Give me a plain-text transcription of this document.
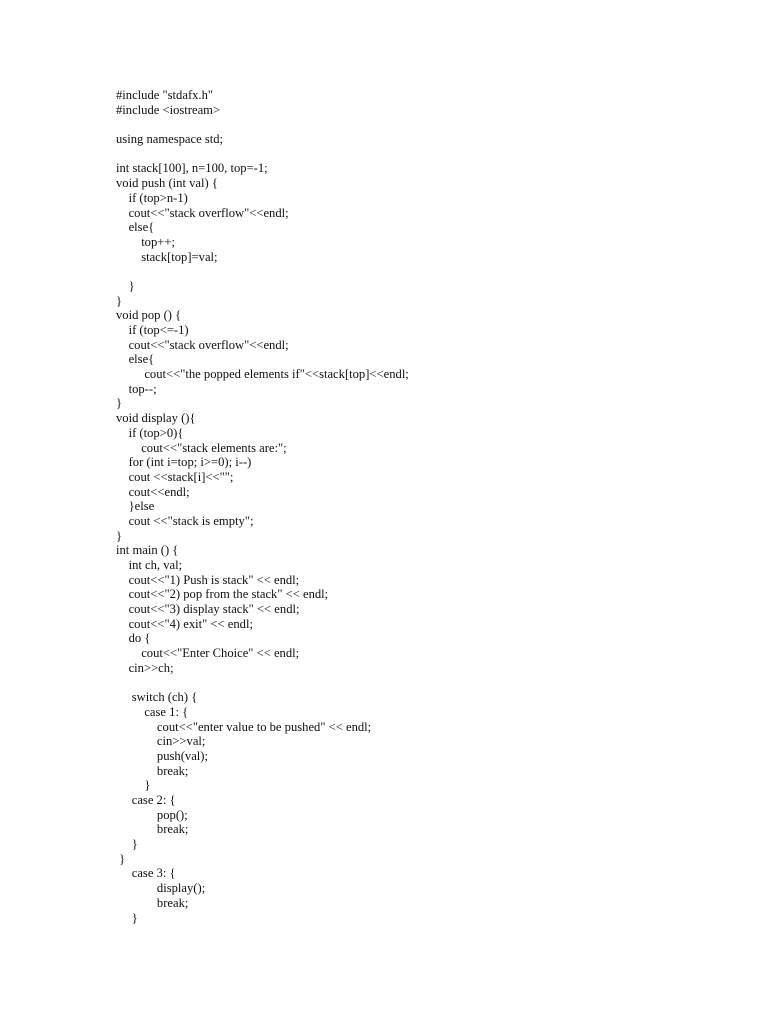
#include "stdafx.h"
#include <iostream>
using namespace std;
int stack[100], n=100, top=-1;
void push (int val) {
if (top>n-1)
cout<<"stack overflow"<<endl;
else{
top++;
stack[top]=val;
}
}
void pop () {
if (top<=-1)
cout<<"stack overflow"<<endl;
else{
cout<<"the popped elements if"<<stack[top]<<endl;
top--;
}
void display (){
if (top>0){
cout<<"stack elements are:";
for (int i=top; i>=0); i--)
cout <<stack[i]<<"";
cout<<endl;
}else
cout <<"stack is empty";
}
int main () {
int ch, val;
cout<<"1) Push is stack" << endl;
cout<<"2) pop from the stack" << endl;
cout<<"3) display stack" << endl;
cout<<"4) exit" << endl;
do {
cout<<"Enter Choice" << endl;
cin>>ch;
switch (ch) {
case 1: {
cout<<"enter value to be pushed" << endl;
cin>>val;
push(val);
break;
}
case 2: {
pop();
break;
}
}
case 3: {
display();
break;
}
